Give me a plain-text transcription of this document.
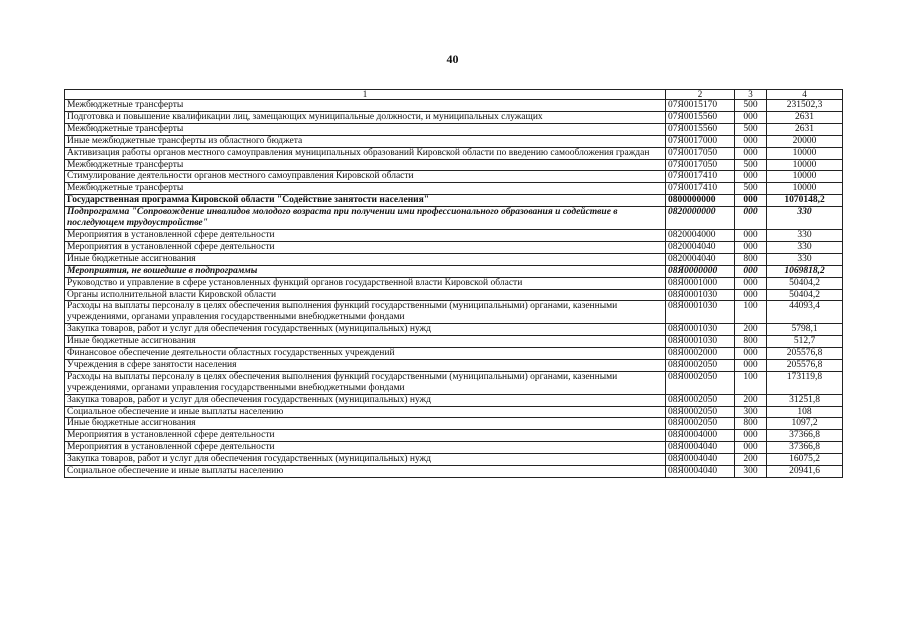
40
1	2	3	4
Межбюджетные трансферты	07Я0015170	500	231502,3
Подготовка и повышение квалификации лиц, замещающих муниципальные должности, и муниципальных служащих	07Я0015560	000	2631
Межбюджетные трансферты	07Я0015560	500	2631
Иные межбюджетные трансферты из областного бюджета	07Я0017000	000	20000
Активизация работы органов местного самоуправления муниципальных образований Кировской области по введению самообложения граждан	07Я0017050	000	10000
Межбюджетные трансферты	07Я0017050	500	10000
Стимулирование деятельности органов местного самоуправления Кировской области	07Я0017410	000	10000
Межбюджетные трансферты	07Я0017410	500	10000
Государственная программа Кировской области "Содействие занятости населения"	0800000000	000	1070148,2
Подпрограмма "Сопровождение инвалидов молодого возраста при получении ими профессионального образования и содействие в последующем трудоустройстве"	0820000000	000	330
Мероприятия в установленной сфере деятельности	0820004000	000	330
Мероприятия в установленной сфере деятельности	0820004040	000	330
Иные бюджетные ассигнования	0820004040	800	330
Мероприятия, не вошедшие в подпрограммы	08Я0000000	000	1069818,2
Руководство и управление в сфере установленных функций органов государственной власти Кировской области	08Я0001000	000	50404,2
Органы исполнительной власти Кировской области	08Я0001030	000	50404,2
Расходы на выплаты персоналу в целях обеспечения выполнения функций государственными (муниципальными) органами, казенными учреждениями, органами управления государственными внебюджетными фондами	08Я0001030	100	44093,4
Закупка товаров, работ и услуг для обеспечения государственных (муниципальных) нужд	08Я0001030	200	5798,1
Иные бюджетные ассигнования	08Я0001030	800	512,7
Финансовое обеспечение деятельности областных государственных учреждений	08Я0002000	000	205576,8
Учреждения в сфере занятости населения	08Я0002050	000	205576,8
Расходы на выплаты персоналу в целях обеспечения выполнения функций государственными (муниципальными) органами, казенными учреждениями, органами управления государственными внебюджетными фондами	08Я0002050	100	173119,8
Закупка товаров, работ и услуг для обеспечения государственных (муниципальных) нужд	08Я0002050	200	31251,8
Социальное обеспечение и иные выплаты населению	08Я0002050	300	108
Иные бюджетные ассигнования	08Я0002050	800	1097,2
Мероприятия в установленной сфере деятельности	08Я0004000	000	37366,8
Мероприятия в установленной сфере деятельности	08Я0004040	000	37366,8
Закупка товаров, работ и услуг для обеспечения государственных (муниципальных) нужд	08Я0004040	200	16075,2
Социальное обеспечение и иные выплаты населению	08Я0004040	300	20941,6
